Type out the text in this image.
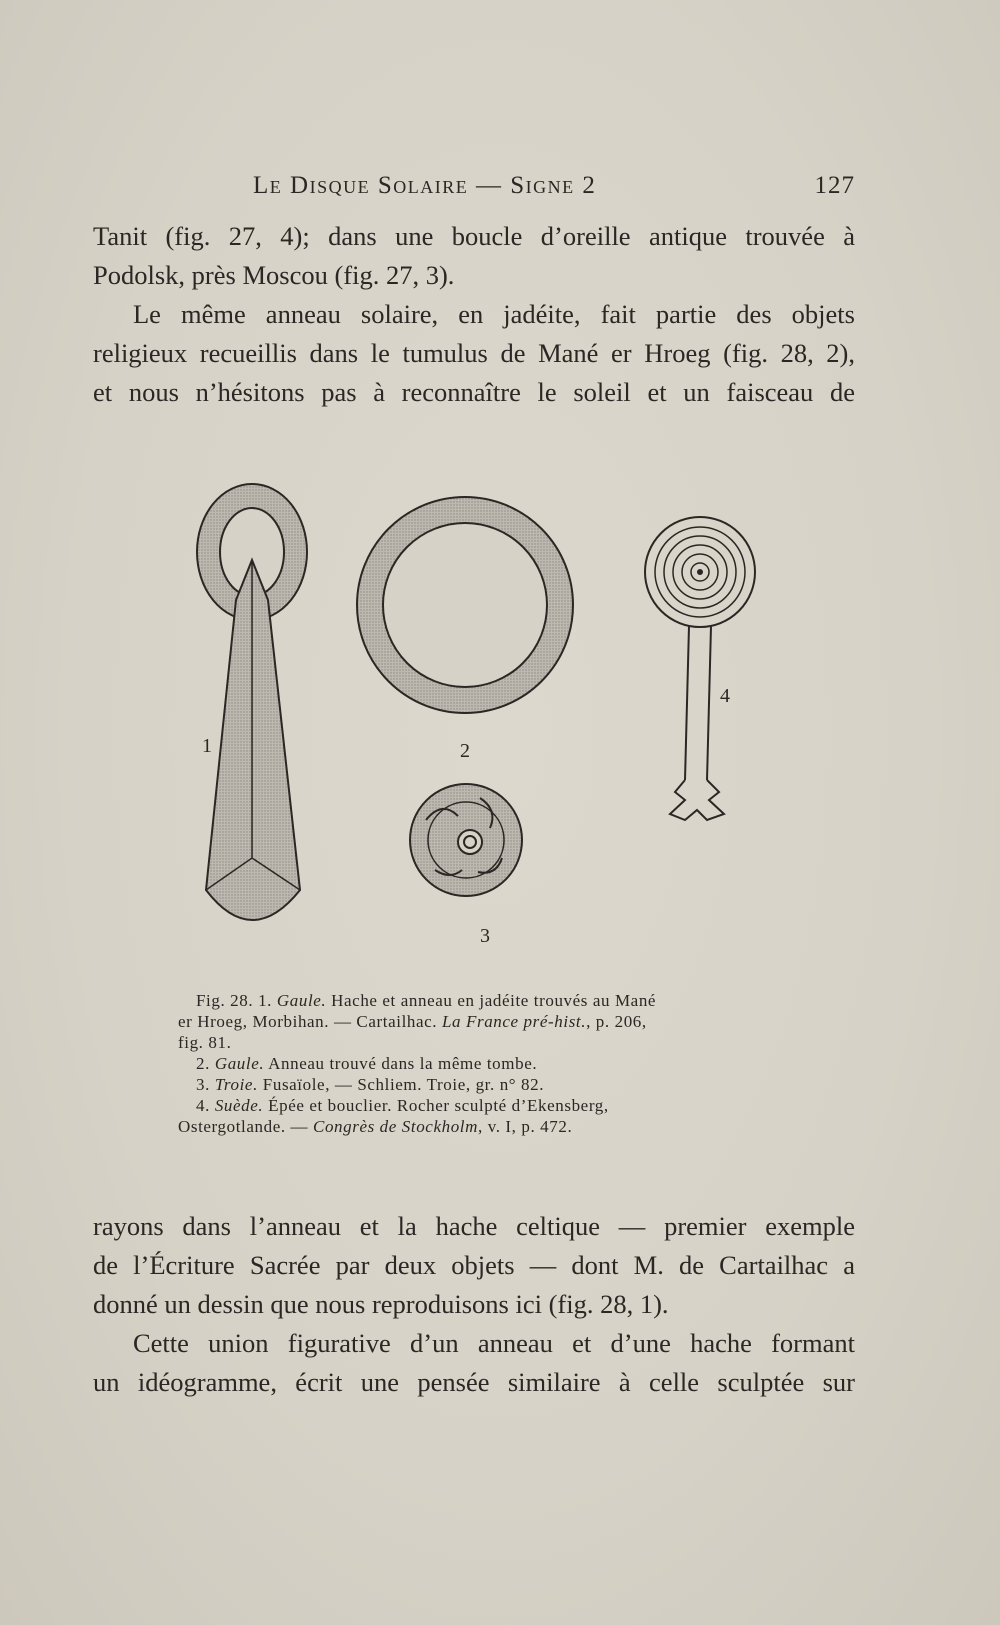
Le Disque Solaire — Signe 2	127
Tanit (fig. 27, 4); dans une boucle d’oreille antique trouvée à
Podolsk, près Moscou (fig. 27, 3).
Le même anneau solaire, en jadéite, fait partie des objets
religieux recueillis dans le tumulus de Mané er Hroeg (fig. 28, 2),
et nous n’hésitons pas à reconnaître le soleil et un faisceau de
1	2
3
4
Fig. 28. 1. Gaule. Hache et anneau en jadéite trouvés au Mané
er Hroeg, Morbihan. — Cartailhac. La France pré-hist., p. 206,
fig. 81.
2. Gaule. Anneau trouvé dans la même tombe.
3. Troie. Fusaïole, — Schliem. Troie, gr. n° 82.
4. Suède. Épée et bouclier. Rocher sculpté d’Ekensberg,
Ostergotlande. — Congrès de Stockholm, v. I, p. 472.
rayons dans l’anneau et la hache celtique — premier exemple
de l’Écriture Sacrée par deux objets — dont M. de Cartailhac a
donné un dessin que nous reproduisons ici (fig. 28, 1).
Cette union figurative d’un anneau et d’une hache formant
un idéogramme, écrit une pensée similaire à celle sculptée sur
